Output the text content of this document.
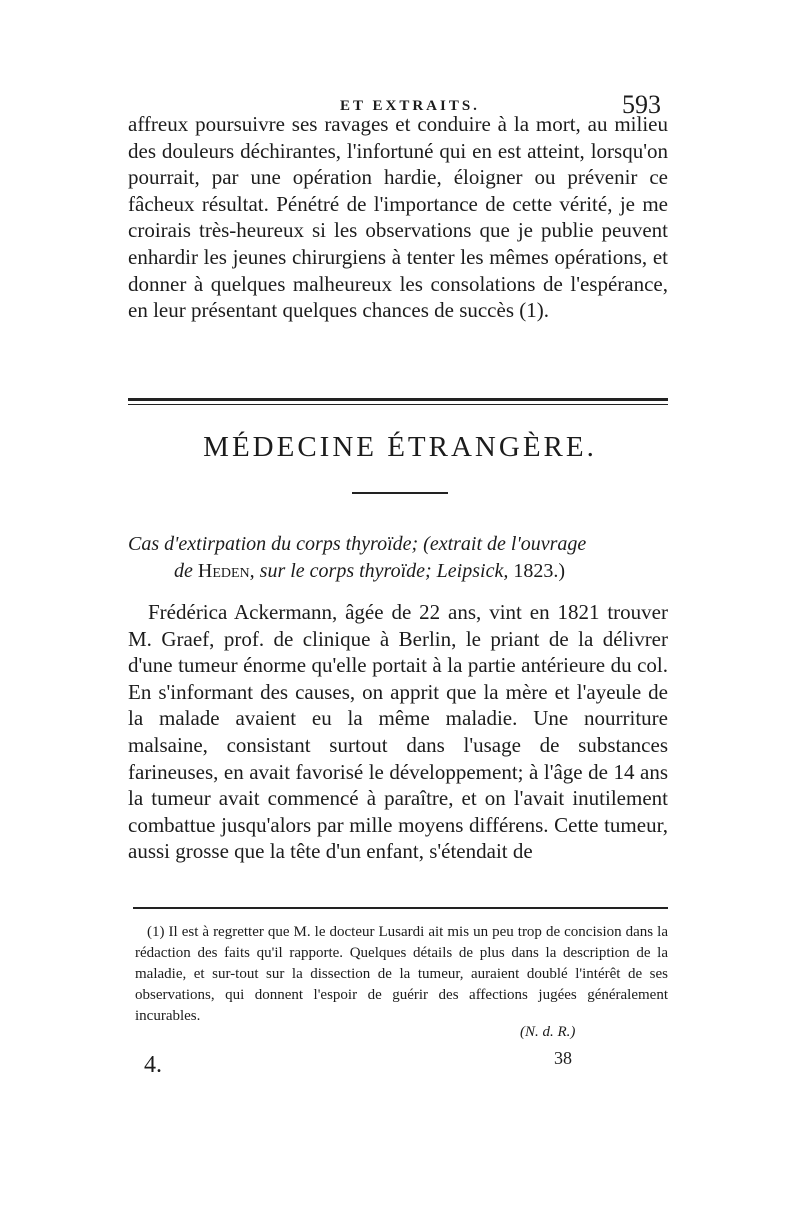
ET EXTRAITS.	593

affreux poursuivre ses ravages et conduire à la mort, au milieu des douleurs déchirantes, l'infortuné qui en est atteint, lorsqu'on pourrait, par une opération hardie, éloigner ou prévenir ce fâcheux résultat. Pénétré de l'importance de cette vérité, je me croirais très-heureux si les observations que je publie peuvent enhardir les jeunes chirurgiens à tenter les mêmes opérations, et donner à quelques malheureux les consolations de l'espérance, en leur présentant quelques chances de succès (1).

MÉDECINE ÉTRANGÈRE.
Cas d'extirpation du corps thyroïde; (extrait de l'ouvrage
de Heden, sur le corps thyroïde; Leipsick, 1823.)

Frédérica Ackermann, âgée de 22 ans, vint en 1821 trouver M. Graef, prof. de clinique à Berlin, le priant de la délivrer d'une tumeur énorme qu'elle portait à la partie antérieure du col. En s'informant des causes, on apprit que la mère et l'ayeule de la malade avaient eu la même maladie. Une nourriture malsaine, consistant surtout dans l'usage de substances farineuses, en avait favorisé le développement; à l'âge de 14 ans la tumeur avait commencé à paraître, et on l'avait inutilement combattue jusqu'alors par mille moyens différens. Cette tumeur, aussi grosse que la tête d'un enfant, s'étendait de

(1) Il est à regretter que M. le docteur Lusardi ait mis un peu trop de concision dans la rédaction des faits qu'il rapporte. Quelques détails de plus dans la description de la maladie, et sur-tout sur la dissection de la tumeur, auraient doublé l'intérêt de ses observations, qui donnent l'espoir de guérir des affections jugées généralement incurables.

(N. d. R.)
4.	38
